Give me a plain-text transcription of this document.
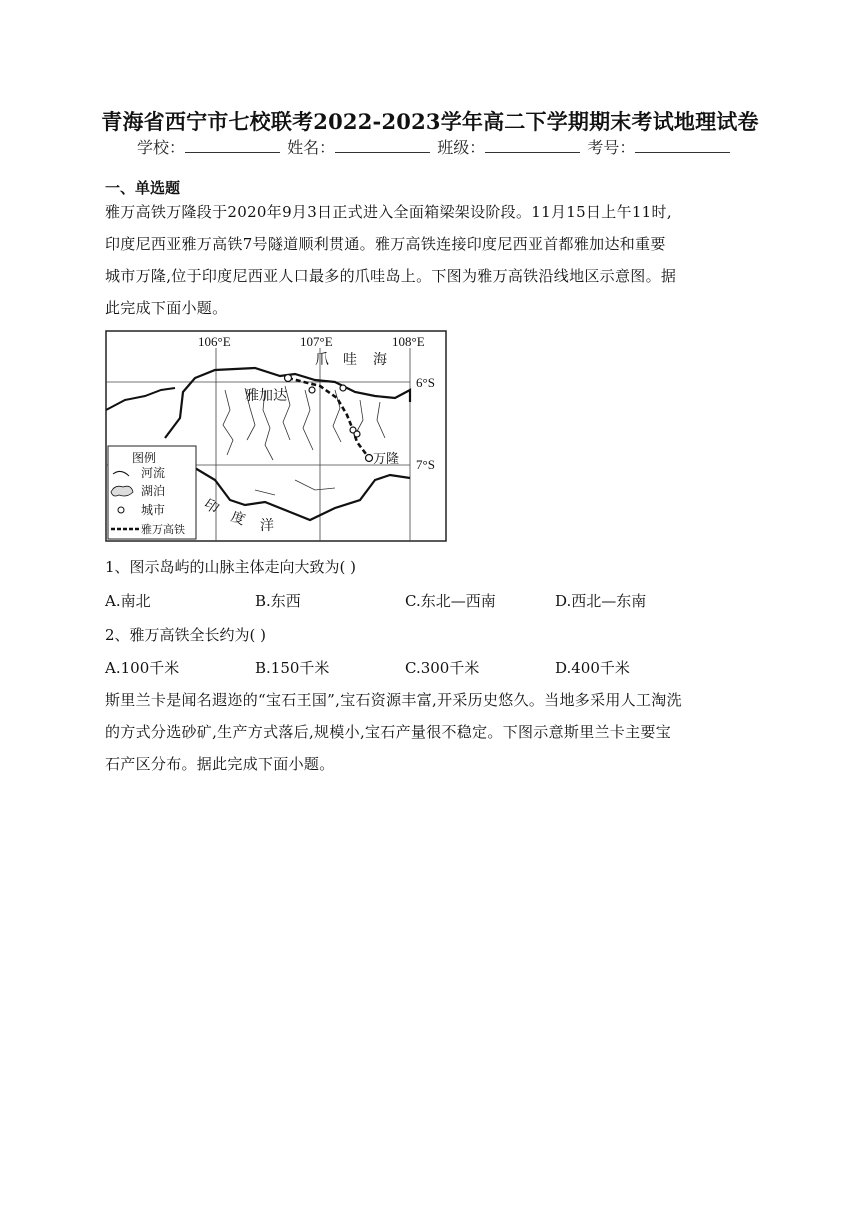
青海省西宁市七校联考2022-2023学年高二下学期期末考试地理试卷
学校：	姓名：	班级：	考号：
一、单选题
雅万高铁万隆段于2020年9月3日正式进入全面箱梁架设阶段。11月15日上午11时,
印度尼西亚雅万高铁7号隧道顺利贯通。雅万高铁连接印度尼西亚首都雅加达和重要
城市万隆,位于印度尼西亚人口最多的爪哇岛上。下图为雅万高铁沿线地区示意图。据
此完成下面小题。
106°E	107°E	108°E
6°S
7°S
爪 哇 海
雅加达
万隆
印
度 洋
图例
河流
湖泊
城市
雅万高铁
1、图示岛屿的山脉主体走向大致为( )
A.南北	B.东西	C.东北—西南	D.西北—东南
2、雅万高铁全长约为( )
A.100千米	B.150千米	C.300千米	D.400千米
斯里兰卡是闻名遐迩的“宝石王国”,宝石资源丰富,开采历史悠久。当地多采用人工淘洗
的方式分选砂矿,生产方式落后,规模小,宝石产量很不稳定。下图示意斯里兰卡主要宝
石产区分布。据此完成下面小题。
